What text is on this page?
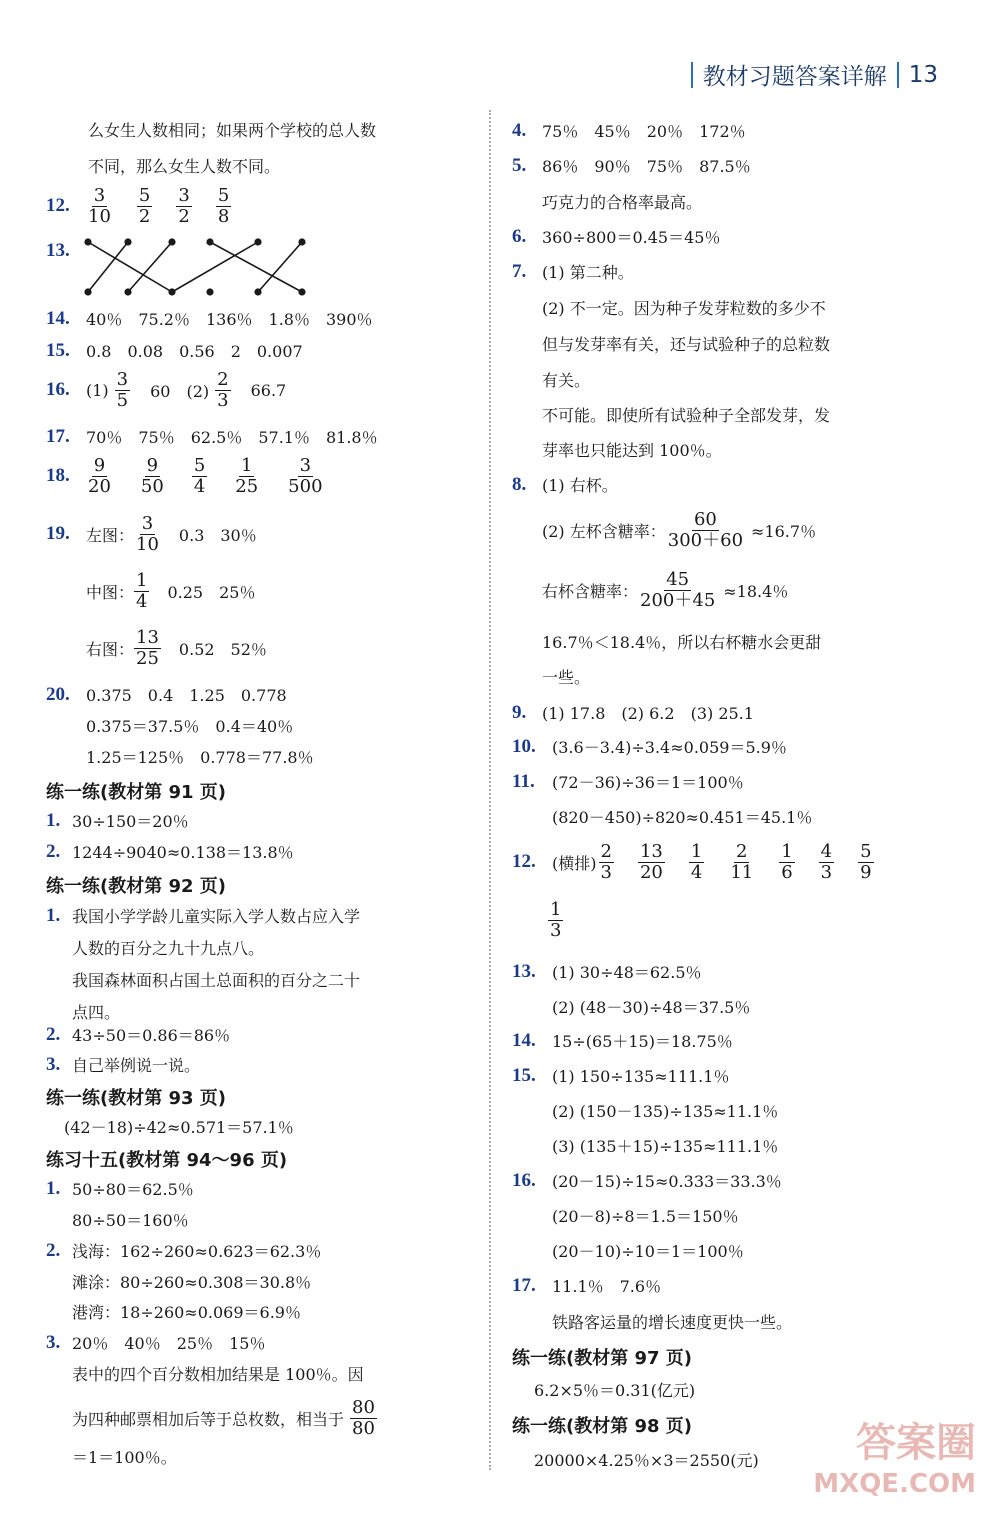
教材习题答案详解 13
么女生人数相同；如果两个学校的总人数
不同，那么女生人数不同。
12. $\frac{3}{10} \frac{5}{2} \frac{3}{2} \frac{5}{8}$
13.
14.	40％　75.2％　136％　1.8％　390％
15.	0.8　0.08　0.56　2　0.007
16.	$(1) \frac{3}{5} 60$　$(2) \frac{2}{3} 66.7$
17.	70％　75％　62.5％　57.1％　81.8％
18. $\frac{9}{20} \frac{9}{50} \frac{5}{4} \frac{1}{25} \frac{3}{500}$
19.	左图： $\frac{3}{10} 0.3$　30％
中图： $\frac{1}{4} 0.25$　25％
右图： $\frac{13}{25} 0.52$　52％
20.	0.375　0.4　1.25　0.778
0.375＝37.5％　0.4＝40％
1.25＝125％　0.778＝77.8％
练一练(教材第 91 页)
1. 30÷150＝20％
2. 1244÷9040≈0.138＝13.8％
练一练(教材第 92 页)
1. 我国小学学龄儿童实际入学人数占应入学
人数的百分之九十九点八。
我国森林面积占国土总面积的百分之二十
点四。
2. 43÷50＝0.86＝86％
3. 自己举例说一说。
练一练(教材第 93 页)
(42－18)÷42≈0.571＝57.1％
练习十五(教材第 94～96 页)
1. 50÷80＝62.5％
80÷50＝160％
2. 浅海：162÷260≈0.623＝62.3％
滩涂：80÷260≈0.308＝30.8％
港湾：18÷260≈0.069＝6.9％
3. 20％　40％　25％　15％
表中的四个百分数相加结果是 100％。因
为四种邮票相加后等于总枚数，相当于 $\frac{80}{80}$
＝1＝100％。
4. 75％　45％　20％　172％
5. 86％　90％　75％　87.5％
巧克力的合格率最高。
6. 360÷800＝0.45＝45％
7. (1) 第二种。
(2) 不一定。因为种子发芽粒数的多少不
但与发芽率有关，还与试验种子的总粒数
有关。
不可能。即使所有试验种子全部发芽，发
芽率也只能达到 100％。
8. (1) 右杯。
(2) 左杯含糖率： $\frac{60}{300+60} \approx 16.7$％
右杯含糖率： $\frac{45}{200+45} \approx 18.4$％
16.7％＜18.4％，所以右杯糖水会更甜
一些。
9. (1) 17.8　(2) 6.2　(3) 25.1
10.	(3.6－3.4)÷3.4≈0.059＝5.9％
11.	(72－36)÷36＝1＝100％
(820－450)÷820≈0.451＝45.1％
12.	(横排) $\frac{2}{3} \frac{13}{20} \frac{1}{4} \frac{2}{11} \frac{1}{6} \frac{4}{3} \frac{5}{9}$
$\frac{1}{3}$
13.	(1) 30÷48＝62.5％
(2) (48－30)÷48＝37.5％
14.	15÷(65＋15)＝18.75％
15.	(1) 150÷135≈111.1％
(2) (150－135)÷135≈11.1％
(3) (135＋15)÷135≈111.1％
16.	(20－15)÷15≈0.333＝33.3％
(20－8)÷8＝1.5＝150％
(20－10)÷10＝1＝100％
17.	11.1％　7.6％
铁路客运量的增长速度更快一些。
练一练(教材第 97 页)
6.2×5％＝0.31(亿元)
练一练(教材第 98 页)
20000×4.25％×3＝2550(元) 答案圈
MXQE.COM
